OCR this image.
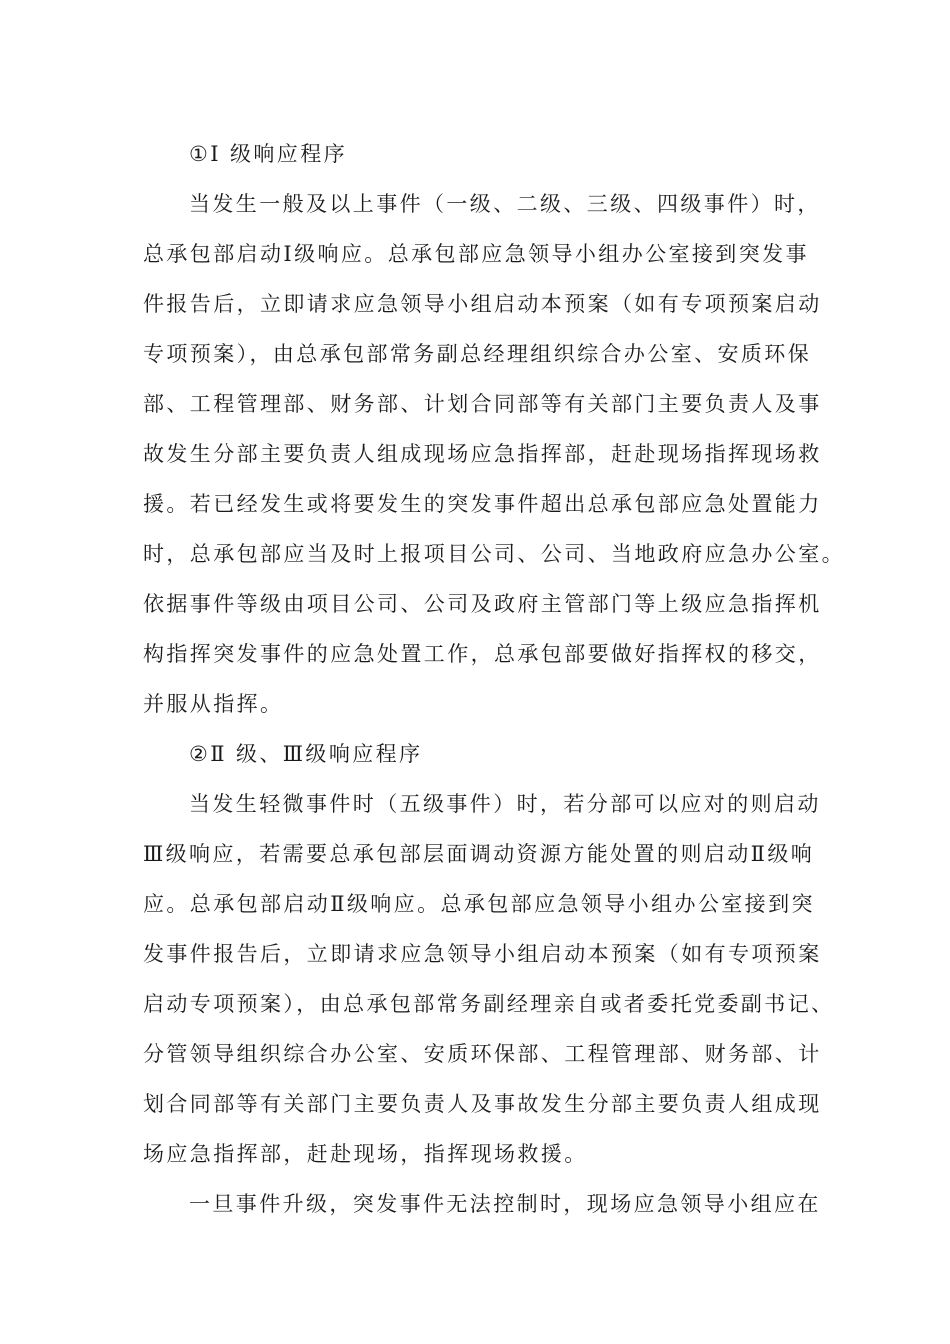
①I 级响应程序
当发生一般及以上事件（一级、二级、三级、四级事件）时，
总承包部启动Ⅰ级响应。总承包部应急领导小组办公室接到突发事
件报告后，立即请求应急领导小组启动本预案（如有专项预案启动
专项预案），由总承包部常务副总经理组织综合办公室、安质环保
部、工程管理部、财务部、计划合同部等有关部门主要负责人及事
故发生分部主要负责人组成现场应急指挥部，赶赴现场指挥现场救
援。若已经发生或将要发生的突发事件超出总承包部应急处置能力
时，总承包部应当及时上报项目公司、公司、当地政府应急办公室。
依据事件等级由项目公司、公司及政府主管部门等上级应急指挥机
构指挥突发事件的应急处置工作，总承包部要做好指挥权的移交，
并服从指挥。
②Ⅱ 级、Ⅲ级响应程序
当发生轻微事件时（五级事件）时，若分部可以应对的则启动
Ⅲ级响应，若需要总承包部层面调动资源方能处置的则启动Ⅱ级响
应。总承包部启动Ⅱ级响应。总承包部应急领导小组办公室接到突
发事件报告后，立即请求应急领导小组启动本预案（如有专项预案
启动专项预案），由总承包部常务副经理亲自或者委托党委副书记、
分管领导组织综合办公室、安质环保部、工程管理部、财务部、计
划合同部等有关部门主要负责人及事故发生分部主要负责人组成现
场应急指挥部，赶赴现场，指挥现场救援。
一旦事件升级，突发事件无法控制时，现场应急领导小组应在
